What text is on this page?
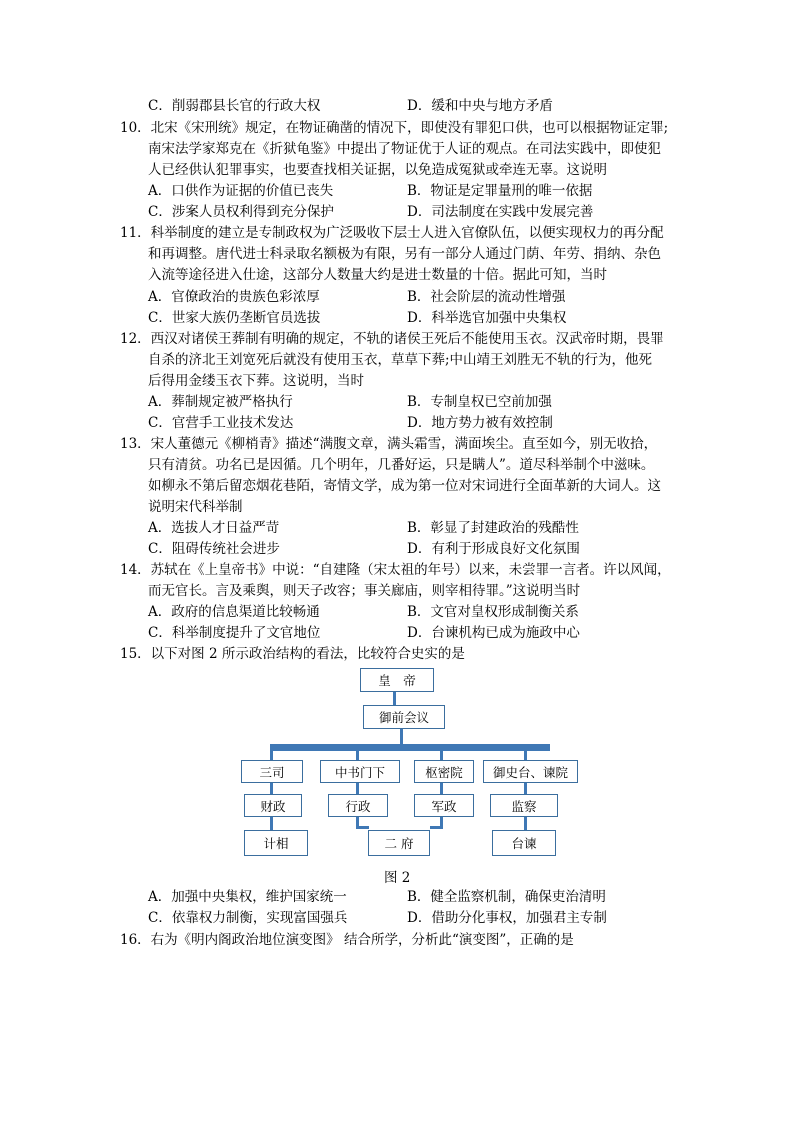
C．削弱郡县长官的行政大权	D．缓和中央与地方矛盾
10．北宋《宋刑统》规定，在物证确凿的情况下，即使没有罪犯口供，也可以根据物证定罪;
南宋法学家郑克在《折狱龟鉴》中提出了物证优于人证的观点。在司法实践中，即使犯
人已经供认犯罪事实，也要查找相关证据，以免造成冤狱或牵连无辜。这说明
A．口供作为证据的价值已丧失	B．物证是定罪量刑的唯一依据
C．涉案人员权利得到充分保护	D．司法制度在实践中发展完善
11．科举制度的建立是专制政权为广泛吸收下层士人进入官僚队伍，以便实现权力的再分配
和再调整。唐代进士科录取名额极为有限，另有一部分人通过门荫、年劳、捐纳、杂色
入流等途径进入仕途，这部分人数量大约是进士数量的十倍。据此可知，当时
A．官僚政治的贵族色彩浓厚	B．社会阶层的流动性增强
C．世家大族仍垄断官员选拔	D．科举选官加强中央集权
12．西汉对诸侯王葬制有明确的规定，不轨的诸侯王死后不能使用玉衣。汉武帝时期，畏罪
自杀的济北王刘宽死后就没有使用玉衣，草草下葬;中山靖王刘胜无不轨的行为，他死
后得用金缕玉衣下葬。这说明，当时
A．葬制规定被严格执行	B．专制皇权已空前加强
C．官营手工业技术发达	D．地方势力被有效控制
13．宋人董德元《柳梢青》描述“满腹文章，满头霜雪，满面埃尘。直至如今，别无收拾，
只有清贫。功名已是因循。几个明年，几番好运，只是瞒人”。道尽科举制个中滋味。
如柳永不第后留恋烟花巷陌，寄情文学，成为第一位对宋词进行全面革新的大词人。这
说明宋代科举制
A．选拔人才日益严苛	B．彰显了封建政治的残酷性
C．阻碍传统社会进步	D．有利于形成良好文化氛围
14．苏轼在《上皇帝书》中说：“自建隆（宋太祖的年号）以来，未尝罪一言者。许以风闻，
而无官长。言及乘舆，则天子改容；事关廊庙，则宰相待罪。”这说明当时
A．政府的信息渠道比较畅通	B．文官对皇权形成制衡关系
C．科举制度提升了文官地位	D．台谏机构已成为施政中心
15．以下对图 2 所示政治结构的看法，比较符合史实的是
皇　帝
御前会议
三司	中书门下	枢密院	御史台、谏院
财政	行政	军政	监察
计相	二 府	台谏
图 2
A．加强中央集权，维护国家统一	B．健全监察机制，确保吏治清明
C．依靠权力制衡，实现富国强兵	D．借助分化事权，加强君主专制
16．右为《明内阁政治地位演变图》 结合所学，分析此“演变图”，正确的是
